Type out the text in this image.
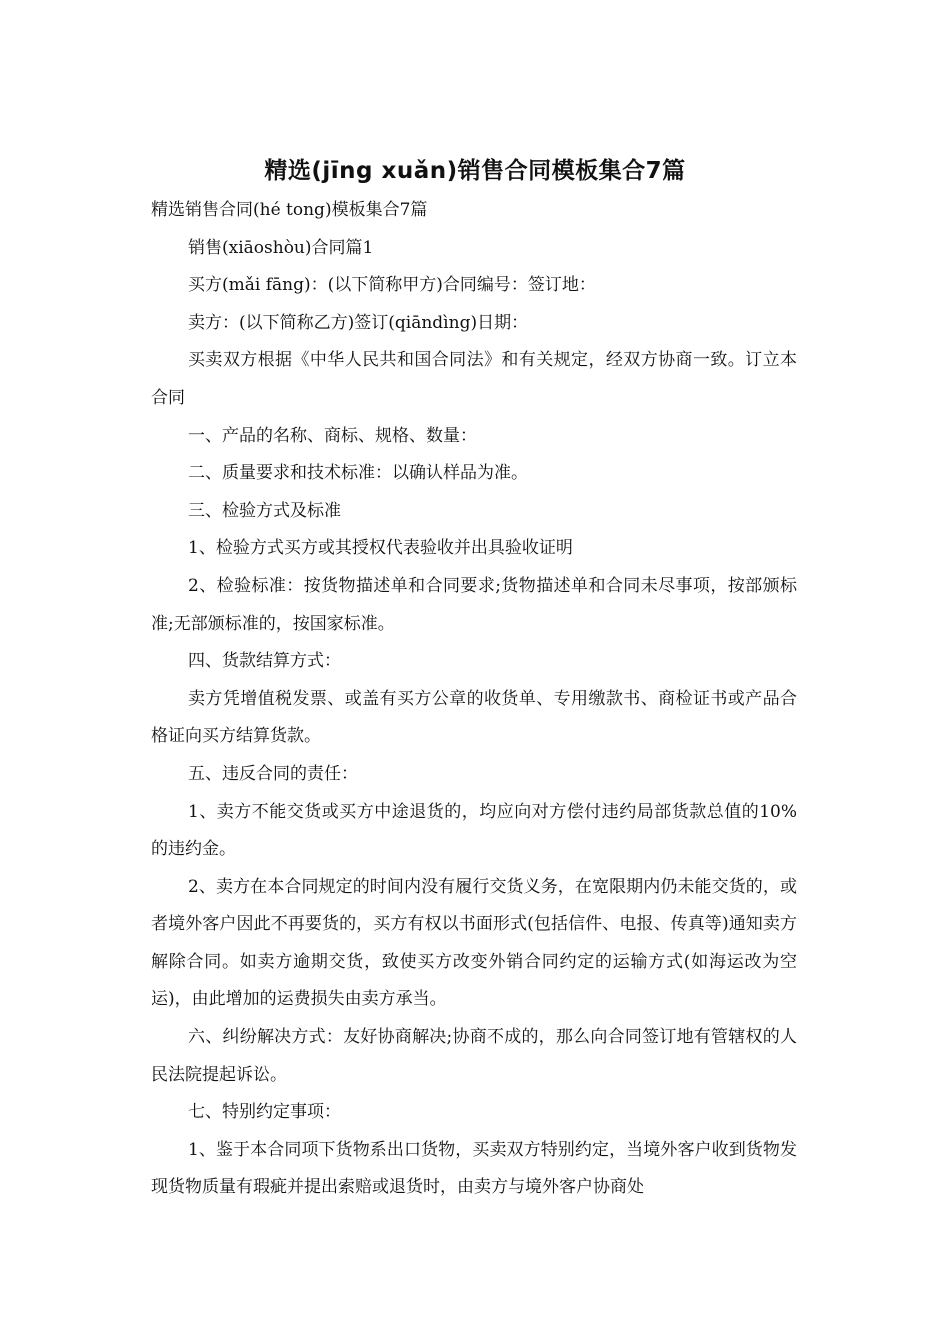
精选(jīng xuǎn)销售合同模板集合7篇

精选销售合同(hé tong)模板集合7篇

销售(xiāoshòu)合同篇1

买方(mǎi fāng)：(以下简称甲方)合同编号：签订地：

卖方：(以下简称乙方)签订(qiāndìng)日期：

买卖双方根据《中华人民共和国合同法》和有关规定，经双方协商一致。订立本合同

一、产品的名称、商标、规格、数量：

二、质量要求和技术标准：以确认样品为准。

三、检验方式及标准

1、检验方式买方或其授权代表验收并出具验收证明

2、检验标准：按货物描述单和合同要求;货物描述单和合同未尽事项，按部颁标准;无部颁标准的，按国家标准。

四、货款结算方式：

卖方凭增值税发票、或盖有买方公章的收货单、专用缴款书、商检证书或产品合格证向买方结算货款。

五、违反合同的责任：

1、卖方不能交货或买方中途退货的，均应向对方偿付违约局部货款总值的10%的违约金。

2、卖方在本合同规定的时间内没有履行交货义务，在宽限期内仍未能交货的，或者境外客户因此不再要货的，买方有权以书面形式(包括信件、电报、传真等)通知卖方解除合同。如卖方逾期交货，致使买方改变外销合同约定的运输方式(如海运改为空运)，由此增加的运费损失由卖方承当。

六、纠纷解决方式：友好协商解决;协商不成的，那么向合同签订地有管辖权的人民法院提起诉讼。

七、特别约定事项：

1、鉴于本合同项下货物系出口货物，买卖双方特别约定，当境外客户收到货物发现货物质量有瑕疵并提出索赔或退货时，由卖方与境外客户协商处
